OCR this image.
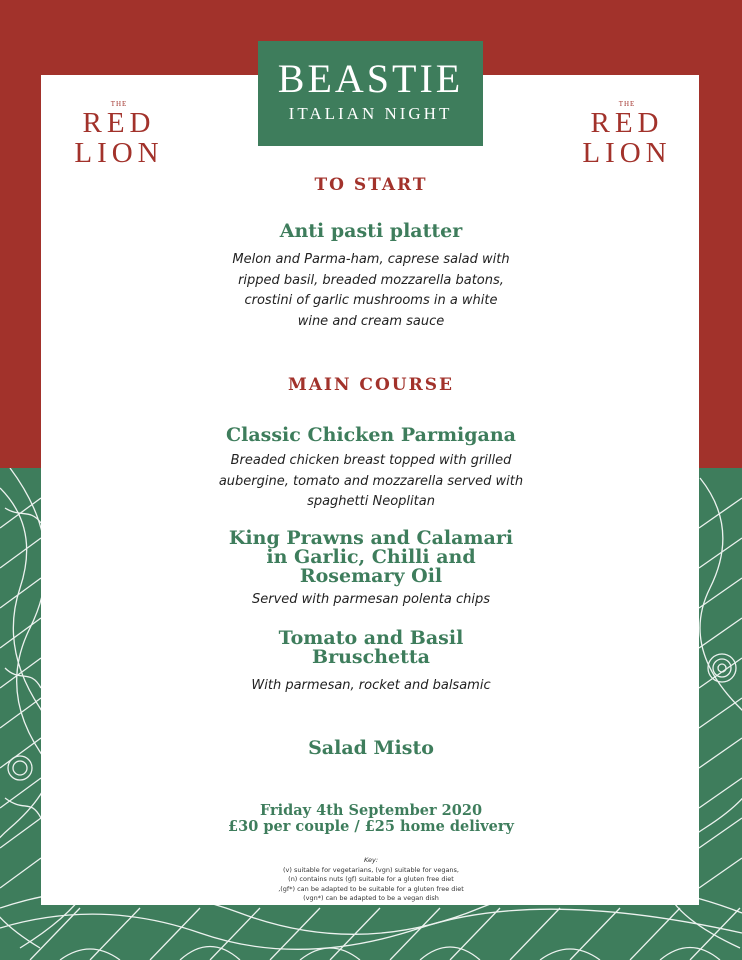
BEASTIE
ITALIAN NIGHT
THE
RED
LION
THE
RED
LION
TO START
Anti pasti platter
Melon and Parma-ham, caprese salad with
ripped basil, breaded mozzarella batons,
crostini of garlic mushrooms in a white
wine and cream sauce
MAIN COURSE
Classic Chicken Parmigana
Breaded chicken breast topped with grilled
aubergine, tomato and mozzarella served with
spaghetti Neoplitan
King Prawns and Calamari
in Garlic, Chilli and
Rosemary Oil
Served with parmesan polenta chips
Tomato and Basil
Bruschetta
With parmesan, rocket and balsamic
Salad Misto
Friday 4th September 2020
£30 per couple / £25 home delivery
Key:
(v) suitable for vegetarians, (vgn) suitable for vegans,
(n) contains nuts (gf) suitable for a gluten free diet
,(gf*) can be adapted to be suitable for a gluten free diet
(vgn*) can be adapted to be a vegan dish
